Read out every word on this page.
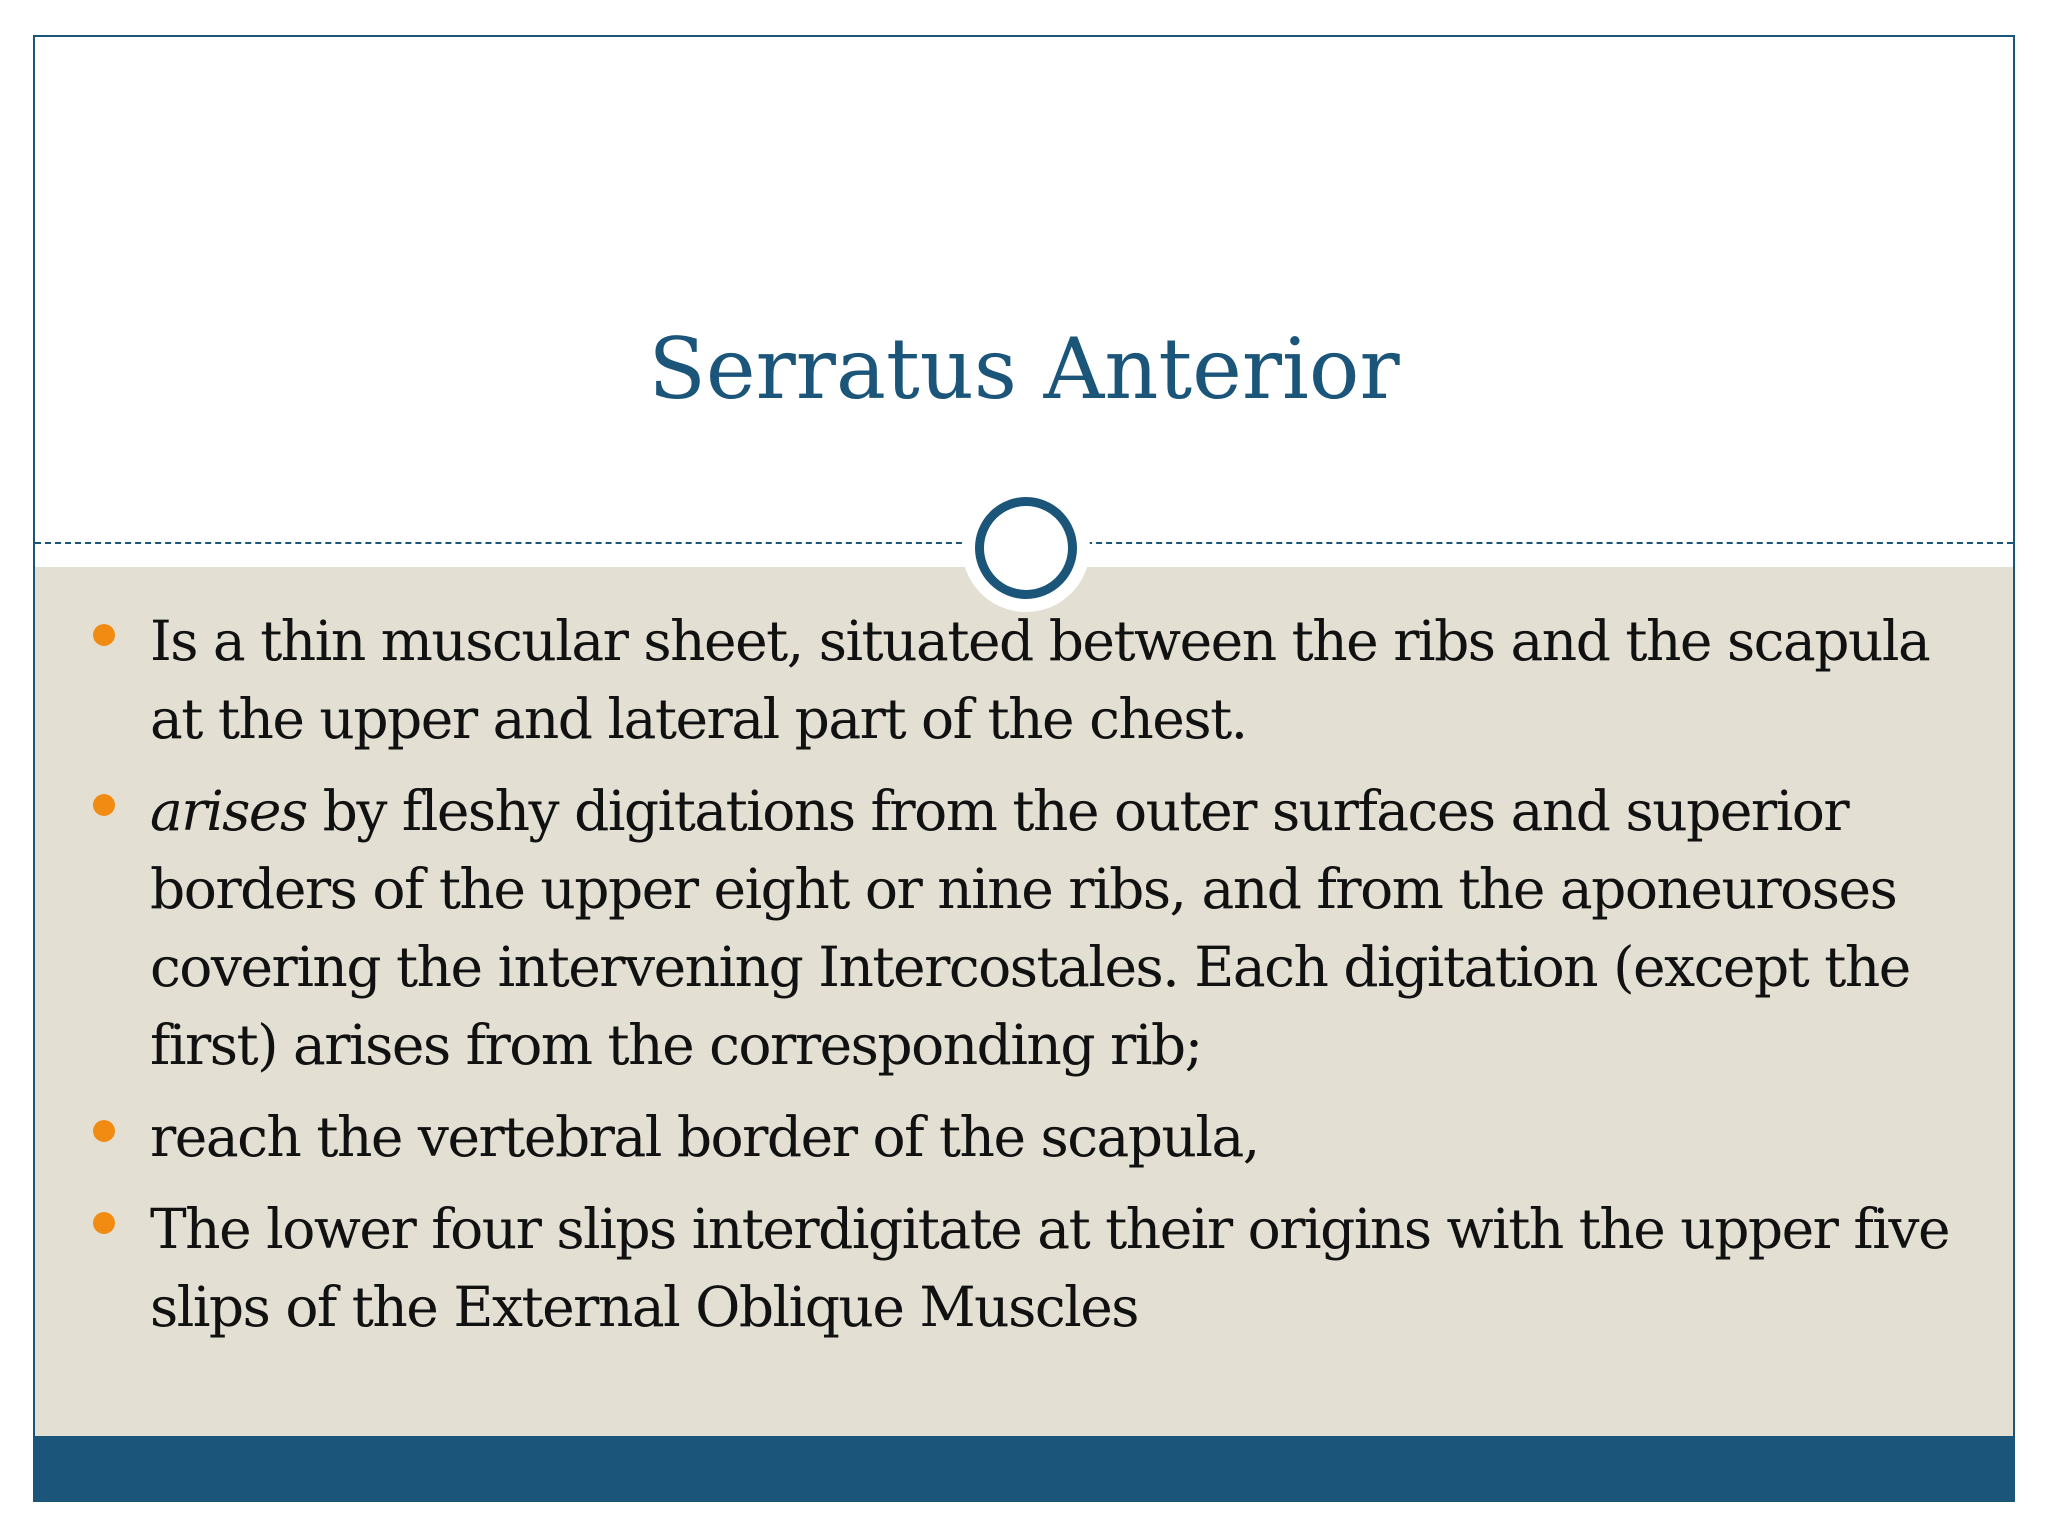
Serratus Anterior
Is a thin muscular sheet, situated between the ribs and the scapula at the upper and lateral part of the chest.
arises by fleshy digitations from the outer surfaces and superior borders of the upper eight or nine ribs, and from the aponeuroses covering the intervening Intercostales. Each digitation (except the first) arises from the corresponding rib;
reach the vertebral border of the scapula,
The lower four slips interdigitate at their origins with the upper five slips of the External Oblique Muscles
